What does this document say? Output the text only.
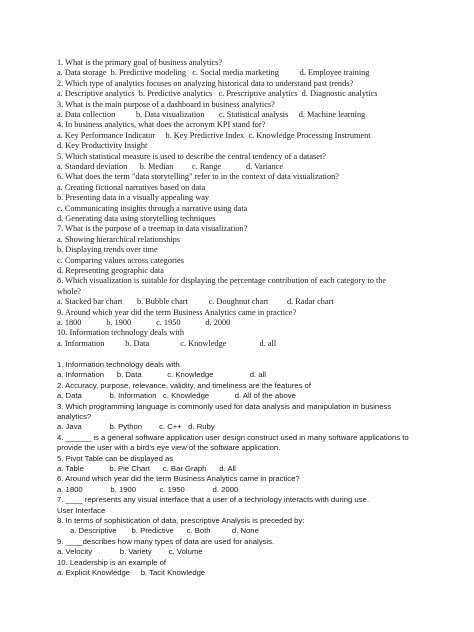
1. What is the primary goal of business analytics?
a. Data storage  b. Predictive modeling   c. Social media marketing          d. Employee training
2. Which type of analytics focuses on analyzing historical data to understand past trends?
a. Descriptive analytics  b. Predictive analytics   c. Prescriptive analytics  d. Diagnostic analytics
3. What is the main purpose of a dashboard in business analytics?
a. Data collection          b. Data visualization       c. Statistical analysis     d. Machine learning
4. In business analytics, what does the acronym KPI stand for?
a. Key Performance Indicator     b. Key Predictive Index  c. Knowledge Processing Instrument
d. Key Productivity Insight
5. Which statistical measure is used to describe the central tendency of a dataset?
a. Standard deviation      b. Median         c. Range            d. Variance
6. What does the term "data storytelling" refer to in the context of data visualization?
a. Creating fictional narratives based on data
b. Presenting data in a visually appealing way
c. Communicating insights through a narrative using data
d. Generating data using storytelling techniques
7. What is the purpose of a treemap in data visualization?
a. Showing hierarchical relationships
b. Displaying trends over time
c. Comparing values across categories
d. Representing geographic data
8. Which visualization is suitable for displaying the percentage contribution of each category to the
whole?
a. Stacked bar chart       b. Bubble chart          c. Doughnut chart         d. Radar chart
9. Around which year did the term Business Analytics came in practice?
a. 1800            b. 1900            c. 1950            d. 2000
10. Information technology deals with
a. Information          b. Data               c. Knowledge                d. all
1. Information technology deals with
a. Information      b. Data            c. Knowledge                 d. all
2. Accuracy, purpose, relevance, validity, and timeliness are the features of
a. Data             b. Information   c. Knowledge            d. All of the above
3. Which programming language is commonly used for data analysis and manipulation in business
analytics?
a. Java             b. Python        c. C++   d. Ruby
4. ______ is a general software application user design construct used in many software applications to
provide the user with a bird’s eye view of the software application.
5. Pivot Table can be displayed as
a. Table            b. Pie Chart      c. Bar Graph      d. All
6. Around which year did the term Business Analytics came in practice?
a. 1800             b. 1900           c. 1950             d. 2000
7. ____ represents any visual interface that a user of a technology interacts with during use.
User Interface
8. In terms of sophistication of data, prescriptive Analysis is preceded by:
a. Descriptive       b. Predictive      c. Both          d. None
9. ____describes how many types of data are used for analysis.
a. Velocity             b. Variety        c. Volume
10. Leadership is an example of
a. Explicit Knowledge     b. Tacit Knowledge
